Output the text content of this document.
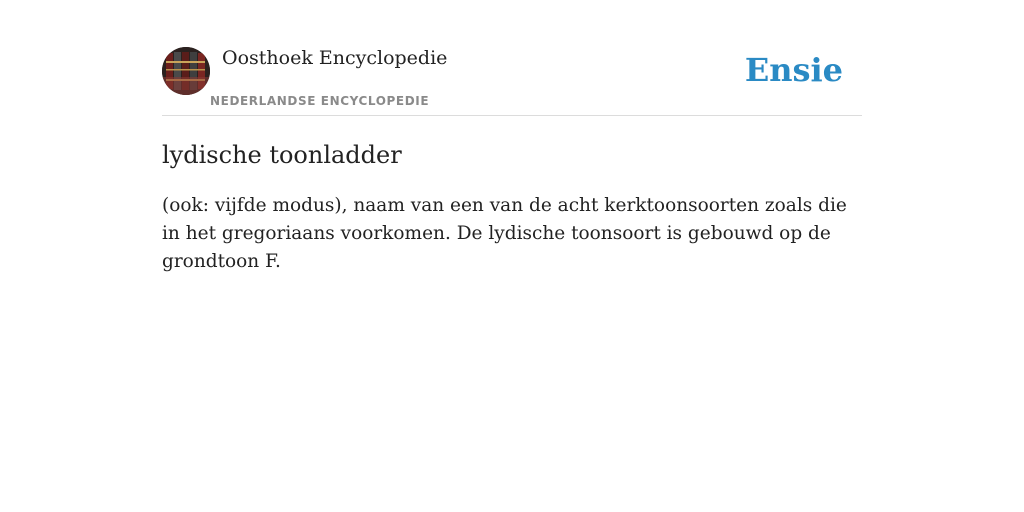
Oosthoek Encyclopedie
NEDERLANDSE ENCYCLOPEDIE
Ensie
lydische toonladder

(ook: vijfde modus), naam van een van de acht kerktoonsoorten zoals die in het gregoriaans voorkomen. De lydische toonsoort is gebouwd op de grondtoon F.
